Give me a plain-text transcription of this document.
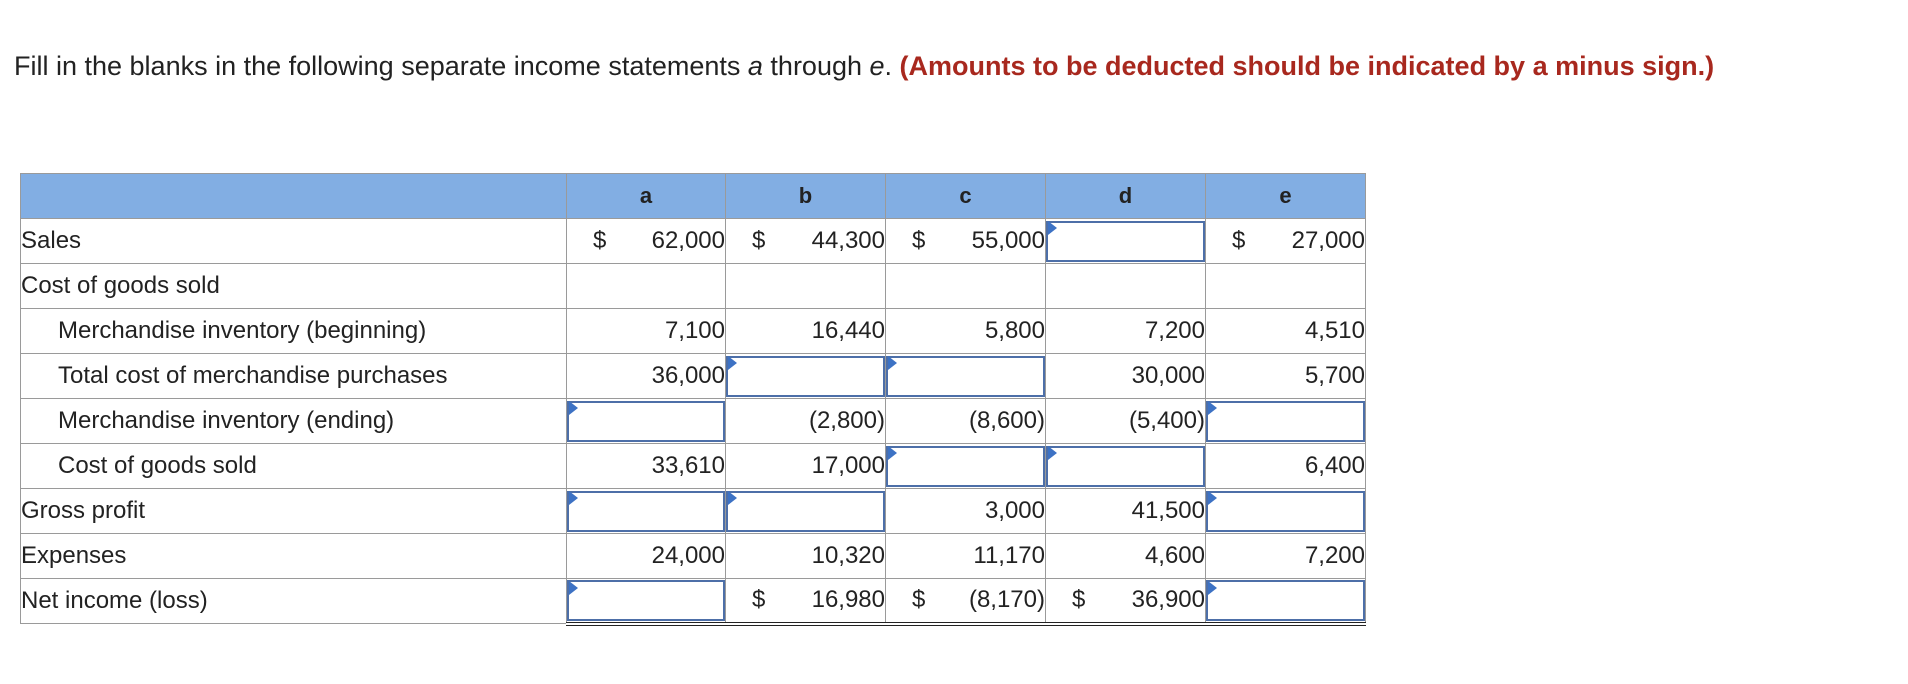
Fill in the blanks in the following separate income statements a through e. (Amounts to be deducted should be indicated by a minus sign.)
	a	b	c	d	e
Sales	$ 62,000	$ 44,300	$ 55,000		$ 27,000
Cost of goods sold					
Merchandise inventory (beginning)	7,100	16,440	5,800	7,200	4,510
Total cost of merchandise purchases	36,000			30,000	5,700
Merchandise inventory (ending)		(2,800)	(8,600)	(5,400)	

Cost of goods sold	33,610	17,000			6,400
Gross profit			3,000	41,500	

Expenses	24,000	10,320	11,170	4,600	7,200
Net income (loss)		$ 16,980	$ (8,170)	$ 36,900	
